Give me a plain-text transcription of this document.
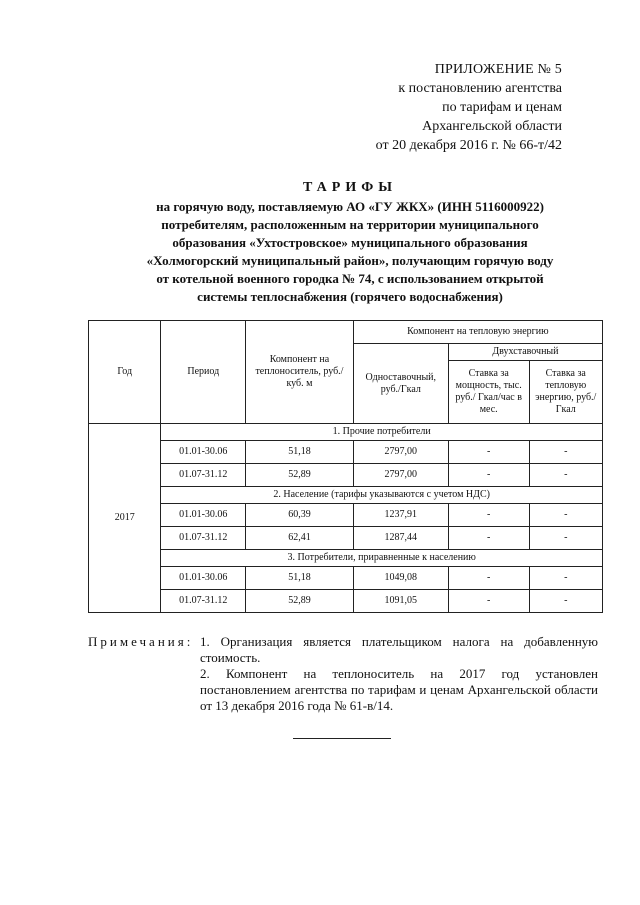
ПРИЛОЖЕНИЕ № 5
к постановлению агентства
по тарифам и ценам
Архангельской области
от 20 декабря 2016 г. № 66-т/42
ТАРИФЫ
на горячую воду, поставляемую АО «ГУ ЖКХ» (ИНН 5116000922)
потребителям, расположенным на территории муниципального
образования «Ухтостровское» муниципального образования
«Холмогорский муниципальный район», получающим горячую воду
от котельной военного городка № 74, с использованием открытой
системы теплоснабжения (горячего водоснабжения)
Год	Период	Компонент на теплоноситель, руб./куб. м	Компонент на тепловую энергию		
			Одноставочный, руб./Гкал	Двухставочный	
				Ставка за мощность, тыс. руб./ Гкал/час в мес.	Ставка за тепловую энергию, руб./Гкал
2017	1. Прочие потребители				
	01.01-30.06	51,18	2797,00	-	-
	01.07-31.12	52,89	2797,00	-	-
	2. Население (тарифы указываются с учетом НДС)				
	01.01-30.06	60,39	1237,91	-	-
	01.07-31.12	62,41	1287,44	-	-
	3. Потребители, приравненные к населению				
	01.01-30.06	51,18	1049,08	-	-
	01.07-31.12	52,89	1091,05	-	-
Примечания: 1. Организация является плательщиком налога на добавленную стоимость.

2. Компонент на теплоноситель на 2017 год установлен постановлением агентства по тарифам и ценам Архангельской области от 13 декабря 2016 года № 61-в/14.
